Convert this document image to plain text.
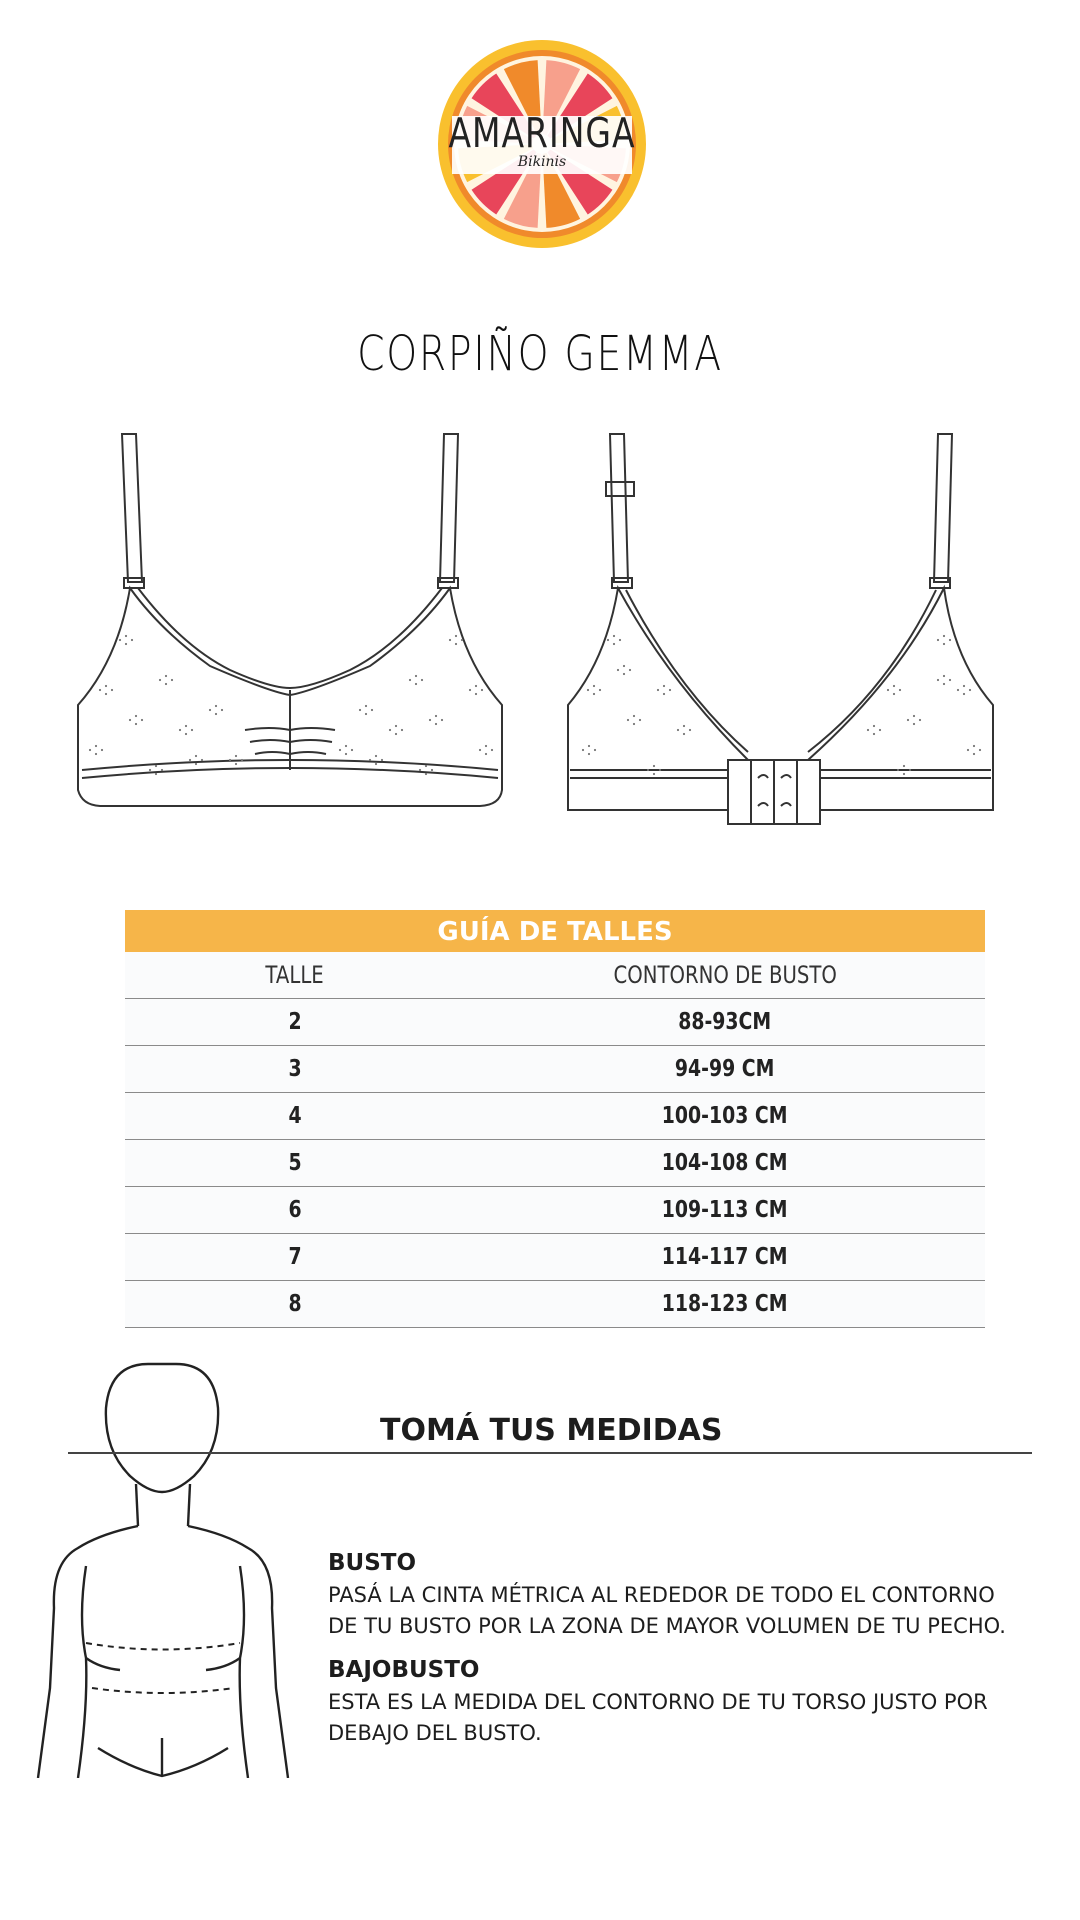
AMARINGA
Bikinis
CORPIÑO GEMMA
GUÍA DE TALLES
TALLE	CONTORNO DE BUSTO
2	88-93CM
3	94-99 CM
4	100-103 CM
5	104-108 CM
6	109-113 CM
7	114-117 CM
8	118-123 CM
TOMÁ TUS MEDIDAS
BUSTO
PASÁ LA CINTA MÉTRICA AL REDEDOR DE TODO EL CONTORNO
DE TU BUSTO POR LA ZONA DE MAYOR VOLUMEN DE TU PECHO.
BAJOBUSTO
ESTA ES LA MEDIDA DEL CONTORNO DE TU TORSO JUSTO POR
DEBAJO DEL BUSTO.
